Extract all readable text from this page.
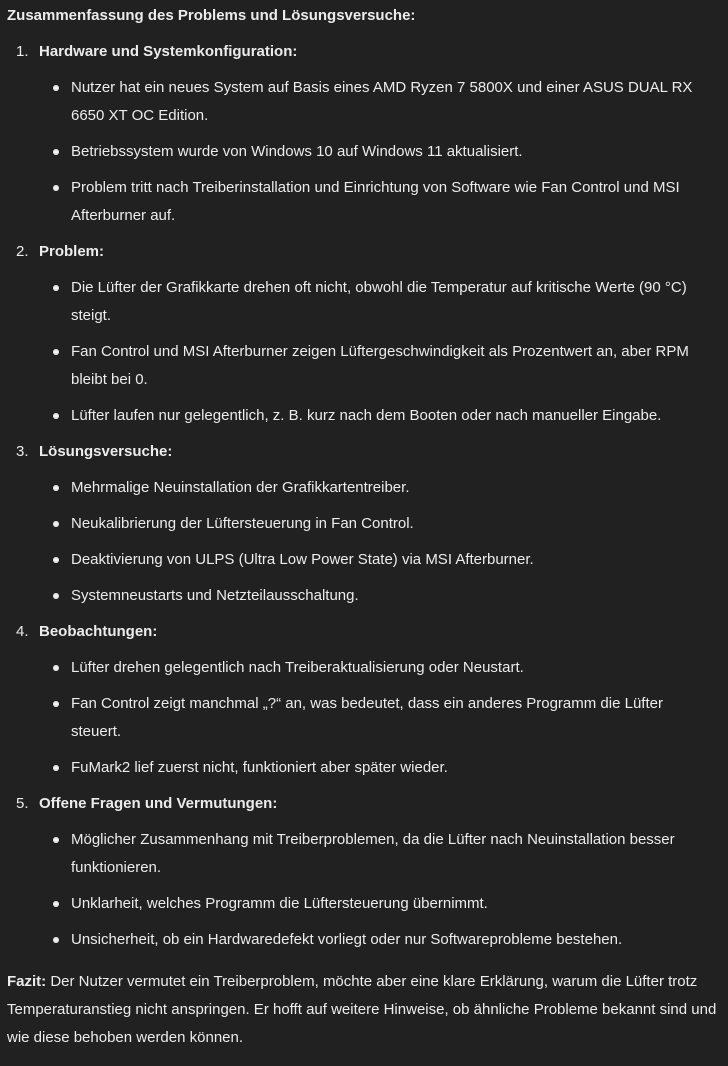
Zusammenfassung des Problems und Lösungsversuche:
1. Hardware und Systemkonfiguration:
Nutzer hat ein neues System auf Basis eines AMD Ryzen 7 5800X und einer ASUS DUAL RX 6650 XT OC Edition.
Betriebssystem wurde von Windows 10 auf Windows 11 aktualisiert.
Problem tritt nach Treiberinstallation und Einrichtung von Software wie Fan Control und MSI Afterburner auf.
2. Problem:
Die Lüfter der Grafikkarte drehen oft nicht, obwohl die Temperatur auf kritische Werte (90 °C) steigt.
Fan Control und MSI Afterburner zeigen Lüftergeschwindigkeit als Prozentwert an, aber RPM bleibt bei 0.
Lüfter laufen nur gelegentlich, z. B. kurz nach dem Booten oder nach manueller Eingabe.
3. Lösungsversuche:
Mehrmalige Neuinstallation der Grafikkartentreiber.
Neukalibrierung der Lüftersteuerung in Fan Control.
Deaktivierung von ULPS (Ultra Low Power State) via MSI Afterburner.
Systemneustarts und Netzteilausschaltung.
4. Beobachtungen:
Lüfter drehen gelegentlich nach Treiberaktualisierung oder Neustart.
Fan Control zeigt manchmal „?“ an, was bedeutet, dass ein anderes Programm die Lüfter steuert.
FuMark2 lief zuerst nicht, funktioniert aber später wieder.
5. Offene Fragen und Vermutungen:
Möglicher Zusammenhang mit Treiberproblemen, da die Lüfter nach Neuinstallation besser funktionieren.
Unklarheit, welches Programm die Lüftersteuerung übernimmt.
Unsicherheit, ob ein Hardwaredefekt vorliegt oder nur Softwareprobleme bestehen.

Fazit: Der Nutzer vermutet ein Treiberproblem, möchte aber eine klare Erklärung, warum die Lüfter trotz Temperaturanstieg nicht anspringen. Er hofft auf weitere Hinweise, ob ähnliche Probleme bekannt sind und wie diese behoben werden können.
